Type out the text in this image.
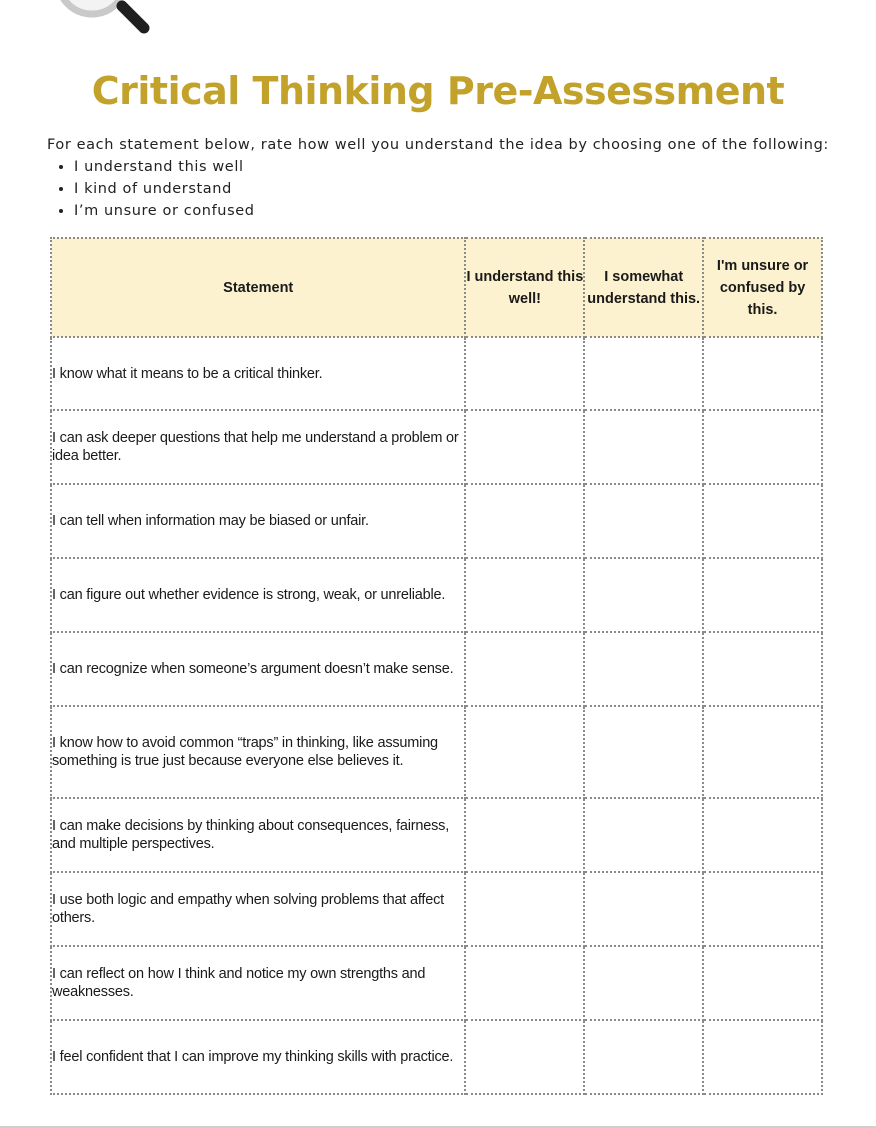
Critical Thinking Pre-Assessment

For each statement below, rate how well you understand the idea by choosing one of the following:

• I understand this well
• I kind of understand
• I’m unsure or confused
Statement	I understand this well!	I somewhat understand this.	I'm unsure or confused by this.
I know what it means to be a critical thinker.			
I can ask deeper questions that help me understand a problem or idea better.			
I can tell when information may be biased or unfair.			
I can figure out whether evidence is strong, weak, or unreliable.			
I can recognize when someone’s argument doesn’t make sense.			
I know how to avoid common “traps” in thinking, like assuming something is true just because everyone else believes it.			
I can make decisions by thinking about consequences, fairness, and multiple perspectives.			
I use both logic and empathy when solving problems that affect others.			
I can reflect on how I think and notice my own strengths and weaknesses.			
I feel confident that I can improve my thinking skills with practice.			
